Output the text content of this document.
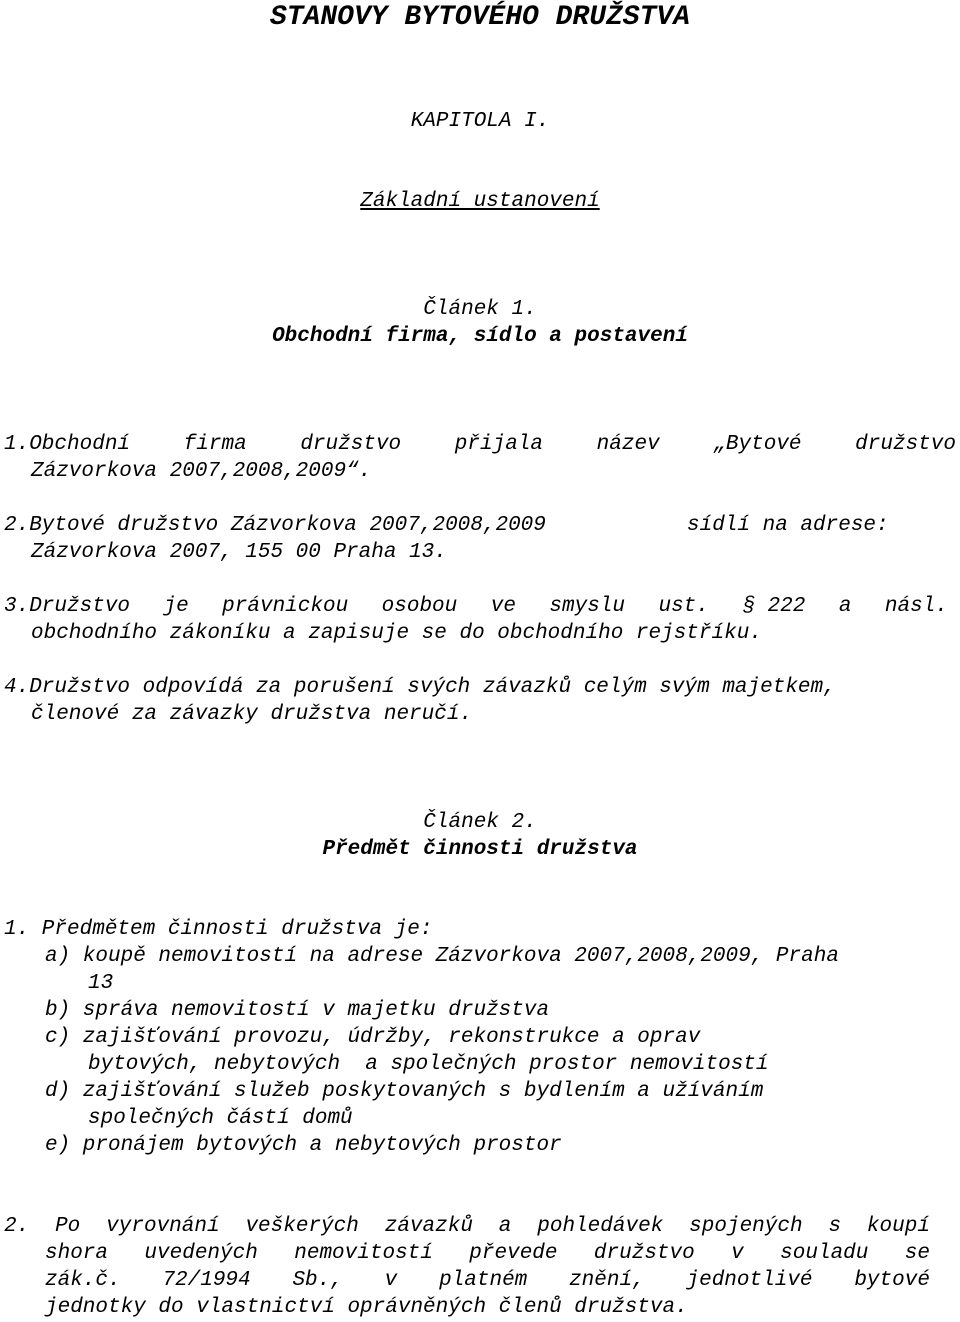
STANOVY BYTOVÉHO DRUŽSTVA
KAPITOLA I.
Základní ustanovení
Článek 1.
Obchodní firma, sídlo a postavení
1.Obchodní	firma	družstvo	přijala	název	„Bytové	družstvo
Zázvorkova 2007,2008,2009“.
2.Bytové družstvo Zázvorkova 2007,2008,2009	sídlí na adrese:
Zázvorkova 2007, 155 00 Praha 13.
3.Družstvo je právnickou osobou ve smyslu ust. § 222 a násl.
obchodního zákoníku a zapisuje se do obchodního rejstříku.
4.Družstvo odpovídá za porušení svých závazků celým svým majetkem,
členové za závazky družstva neručí.
Článek 2.
Předmět činnosti družstva
1. Předmětem činnosti družstva je:
a) koupě nemovitostí na adrese Zázvorkova 2007,2008,2009, Praha
13
b) správa nemovitostí v majetku družstva
c) zajišťování provozu, údržby, rekonstrukce a oprav
bytových, nebytových  a společných prostor nemovitostí
d) zajišťování služeb poskytovaných s bydlením a užíváním
společných částí domů
e) pronájem bytových a nebytových prostor
2. Po vyrovnání veškerých závazků a pohledávek spojených s koupí
shora uvedených nemovitostí převede družstvo v souladu se
zák.č. 72/1994 Sb., v platném znění, jednotlivé bytové
jednotky do vlastnictví oprávněných členů družstva.
